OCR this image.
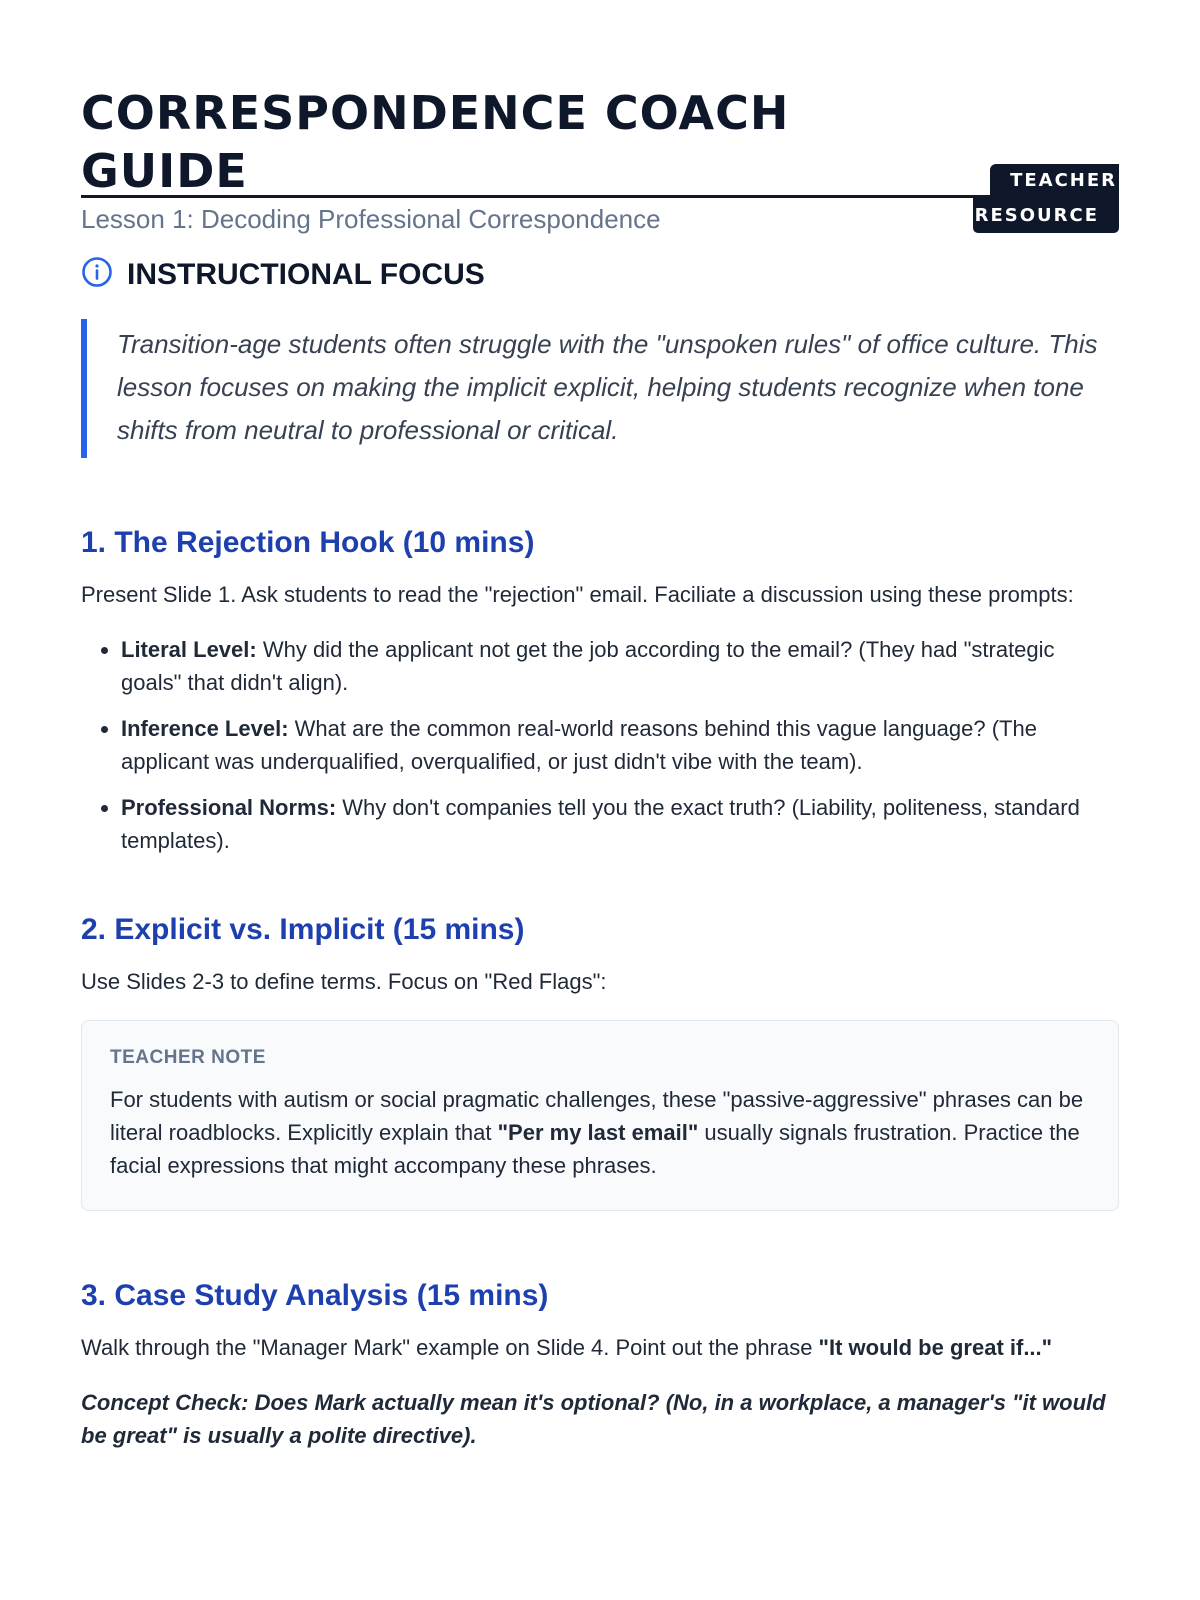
CORRESPONDENCE COACH GUIDE
Lesson 1: Decoding Professional Correspondence
TEACHER
RESOURCE
INSTRUCTIONAL FOCUS
Transition-age students often struggle with the "unspoken rules" of office culture. This lesson focuses on making the implicit explicit, helping students recognize when tone shifts from neutral to professional or critical.
1. The Rejection Hook (10 mins)

Present Slide 1. Ask students to read the "rejection" email. Faciliate a discussion using these prompts:

• Literal Level: Why did the applicant not get the job according to the email? (They had "strategic goals" that didn't align).
• Inference Level: What are the common real-world reasons behind this vague language? (The applicant was underqualified, overqualified, or just didn't vibe with the team).
• Professional Norms: Why don't companies tell you the exact truth? (Liability, politeness, standard templates).
2. Explicit vs. Implicit (15 mins)

Use Slides 2-3 to define terms. Focus on "Red Flags":

TEACHER NOTE
For students with autism or social pragmatic challenges, these "passive-aggressive" phrases can be literal roadblocks. Explicitly explain that "Per my last email" usually signals frustration. Practice the facial expressions that might accompany these phrases.
3. Case Study Analysis (15 mins)

Walk through the "Manager Mark" example on Slide 4. Point out the phrase "It would be great if..."

Concept Check: Does Mark actually mean it's optional? (No, in a workplace, a manager's "it would be great" is usually a polite directive).
